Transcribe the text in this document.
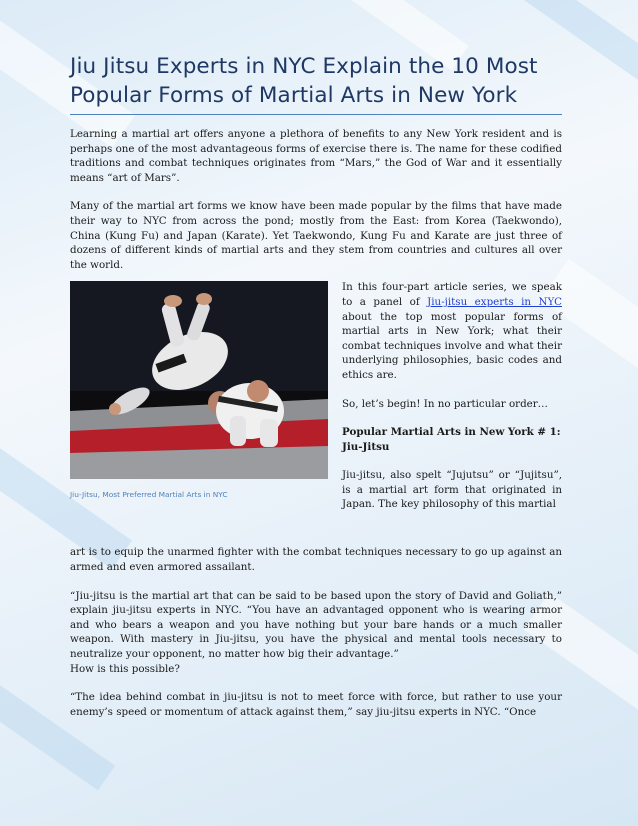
Jiu Jitsu Experts in NYC Explain the 10 Most Popular Forms of Martial Arts in New York

Learning a martial art offers anyone a plethora of benefits to any New York resident and is perhaps one of the most advantageous forms of exercise there is. The name for these codified traditions and combat techniques originates from “Mars,” the God of War and it essentially means “art of Mars”.

Many of the martial art forms we know have been made popular by the films that have made their way to NYC from across the pond; mostly from the East: from Korea (Taekwondo), China (Kung Fu) and Japan (Karate). Yet Taekwondo, Kung Fu and Karate are just three of dozens of different kinds of martial arts and they stem from countries and cultures all over the world.

Jiu-Jitsu, Most Preferred Martial Arts in NYC

In this four-part article series, we speak to a panel of Jiu-jitsu experts in NYC about the top most popular forms of martial arts in New York; what their combat techniques involve and what their underlying philosophies, basic codes and ethics are.

So, let’s begin! In no particular order…

Popular Martial Arts in New York # 1: Jiu-Jitsu

Jiu-jitsu, also spelt “Jujutsu” or “Jujitsu”, is a martial art form that originated in Japan. The key philosophy of this martial

art is to equip the unarmed fighter with the combat techniques necessary to go up against an armed and even armored assailant.

“Jiu-jitsu is the martial art that can be said to be based upon the story of David and Goliath,” explain jiu-jitsu experts in NYC. “You have an advantaged opponent who is wearing armor and who bears a weapon and you have nothing but your bare hands or a much smaller weapon. With mastery in Jiu-jitsu, you have the physical and mental tools necessary to neutralize your opponent, no matter how big their advantage.”

How is this possible?

“The idea behind combat in jiu-jitsu is not to meet force with force, but rather to use your enemy’s speed or momentum of attack against them,” say jiu-jitsu experts in NYC. “Once
